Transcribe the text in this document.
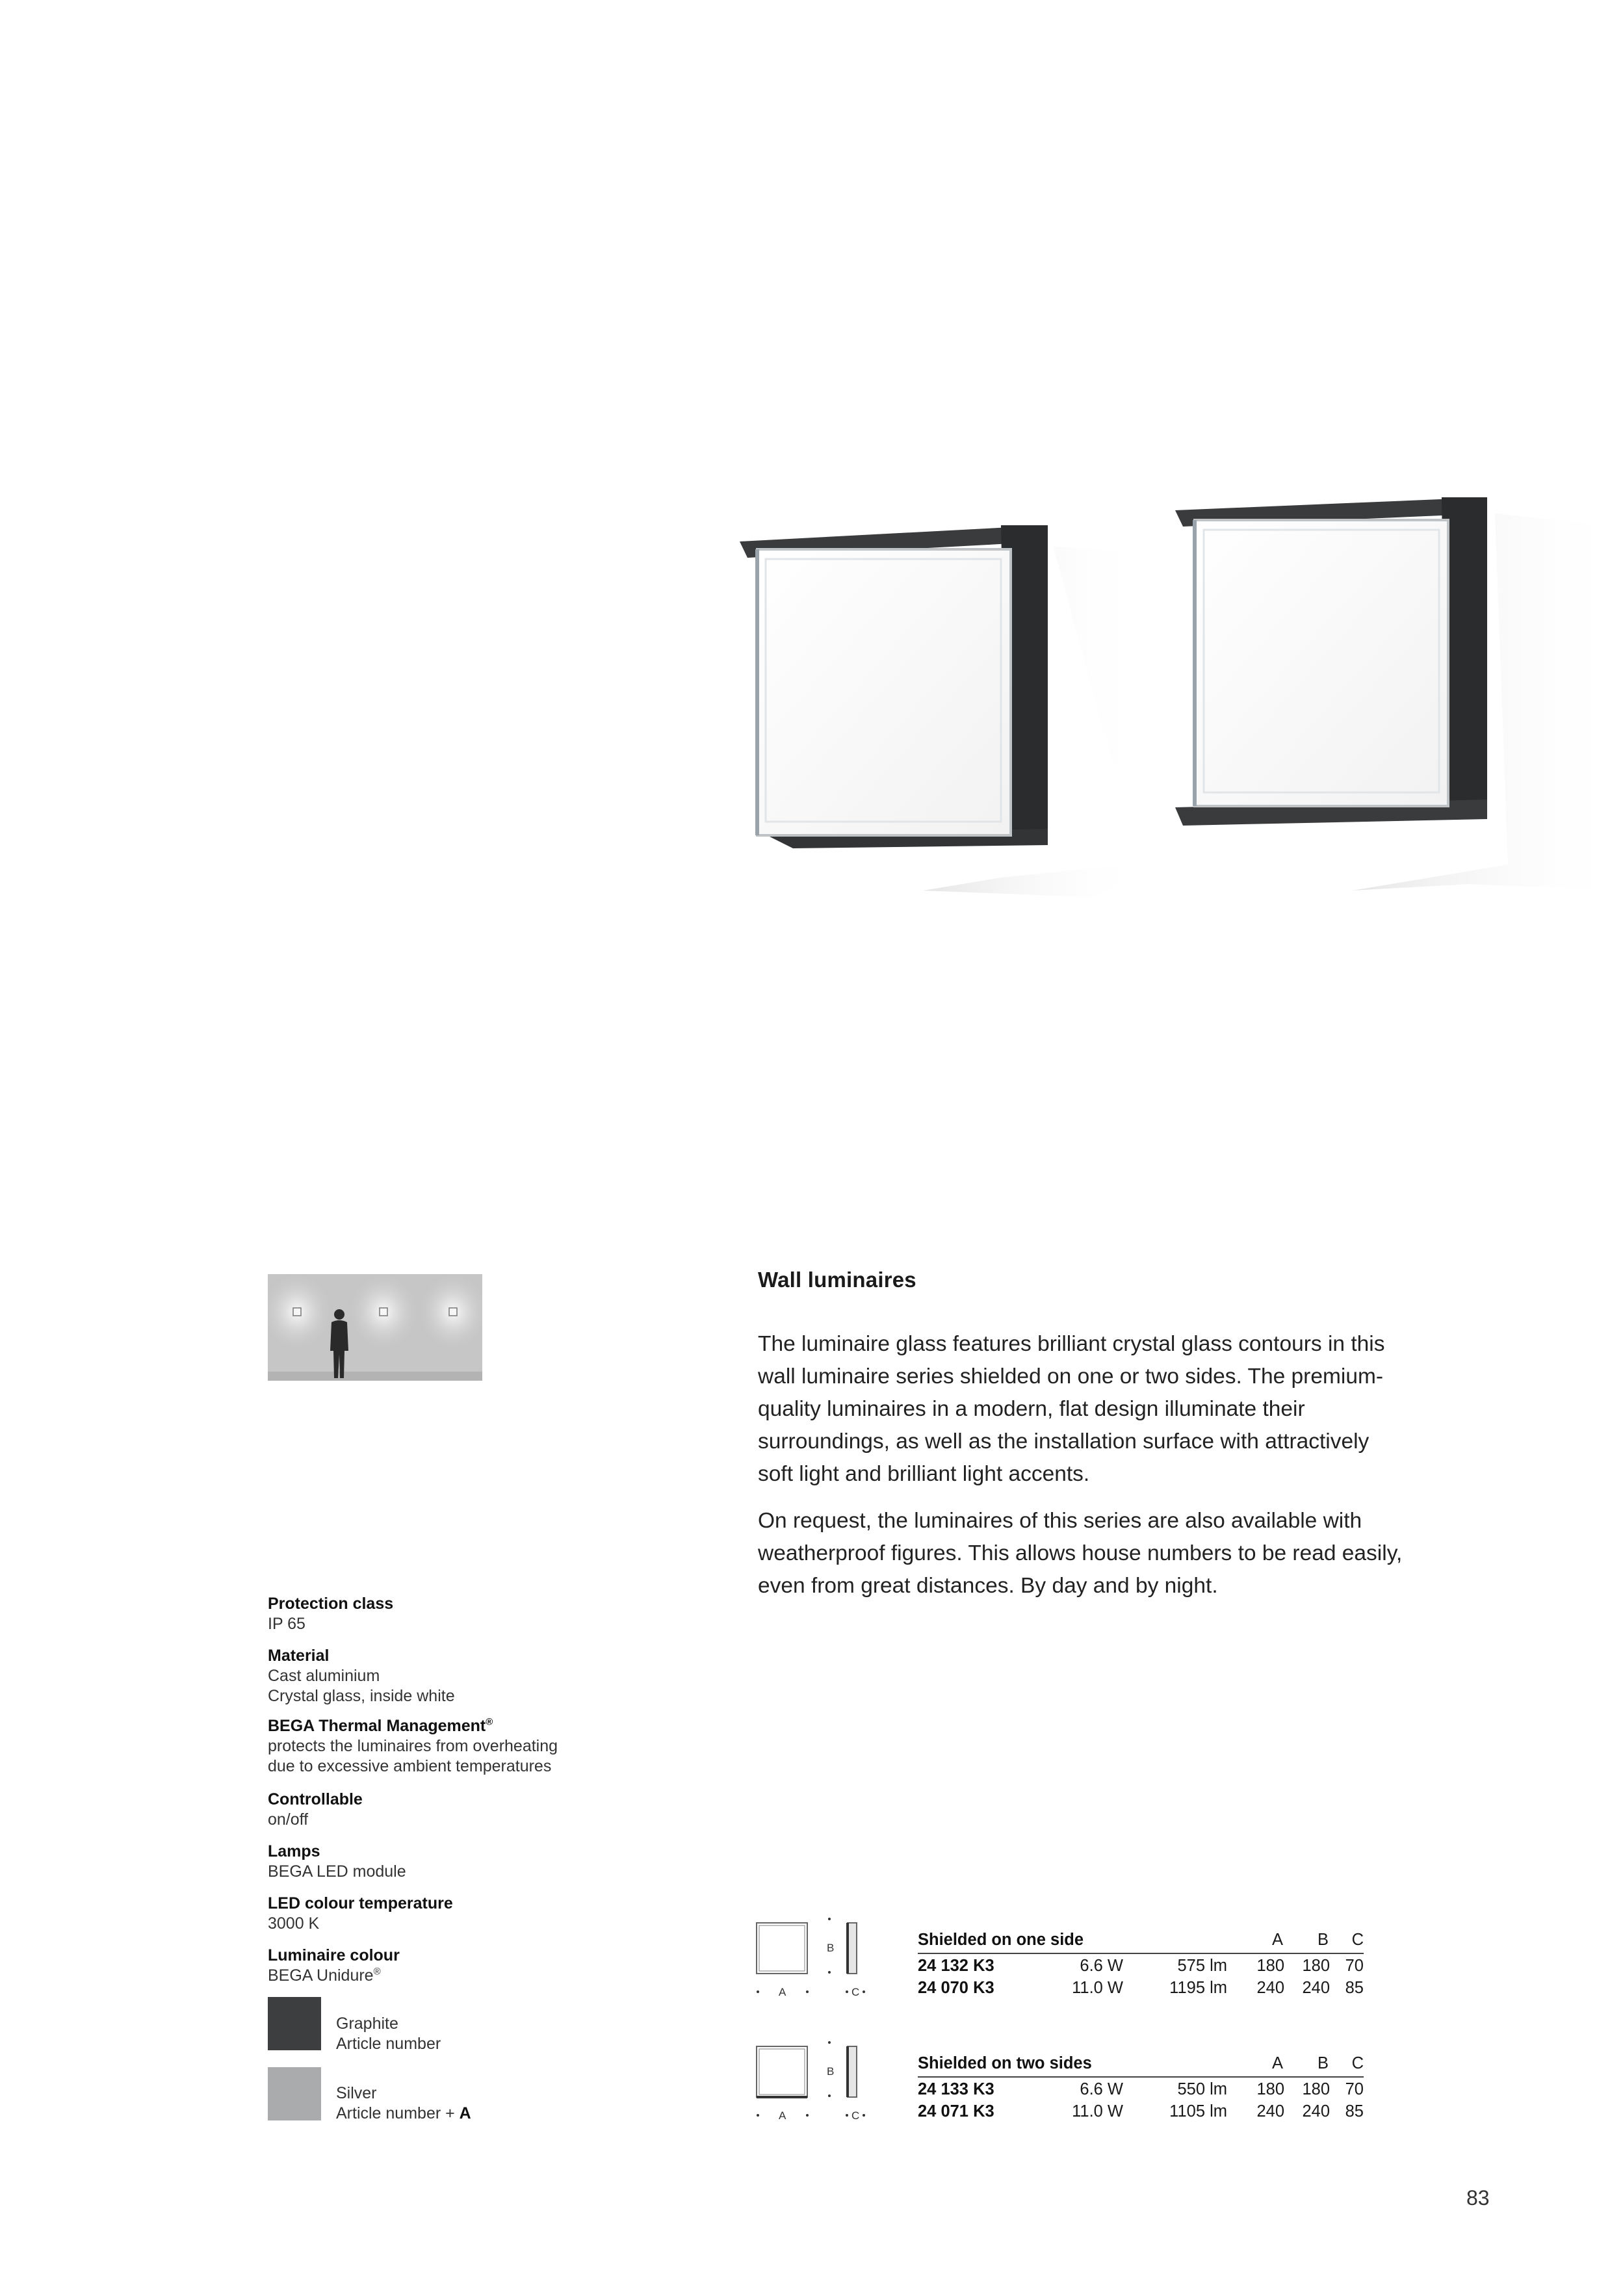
Wall luminaires
The luminaire glass features brilliant crystal glass contours in this wall luminaire series shielded on one or two sides. The premium-quality luminaires in a modern, flat design illuminate their surroundings, as well as the installation surface with attractively soft light and brilliant light accents.
On request, the luminaires of this series are also available with weatherproof figures. This allows house numbers to be read easily, even from great distances. By day and by night.
Protection class
IP 65
Material
Cast aluminium
Crystal glass, inside white
BEGA Thermal Management®
protects the luminaires from overheating
due to excessive ambient temperatures
Controllable
on/off
Lamps
BEGA LED module
LED colour temperature
3000 K
Luminaire colour
BEGA Unidure®
Graphite
Article number
Silver
Article number + A
B
A	C
Shielded on one side	A B C
24 132 K3	6.6 W	575 lm 180 180 70
24 070 K3	11.0 W	1195 lm 240 240 85
B
A	C
Shielded on two sides	A B C
24 133 K3	6.6 W	550 lm 180 180 70
24 071 K3	11.0 W	1105 lm 240 240 85
83
